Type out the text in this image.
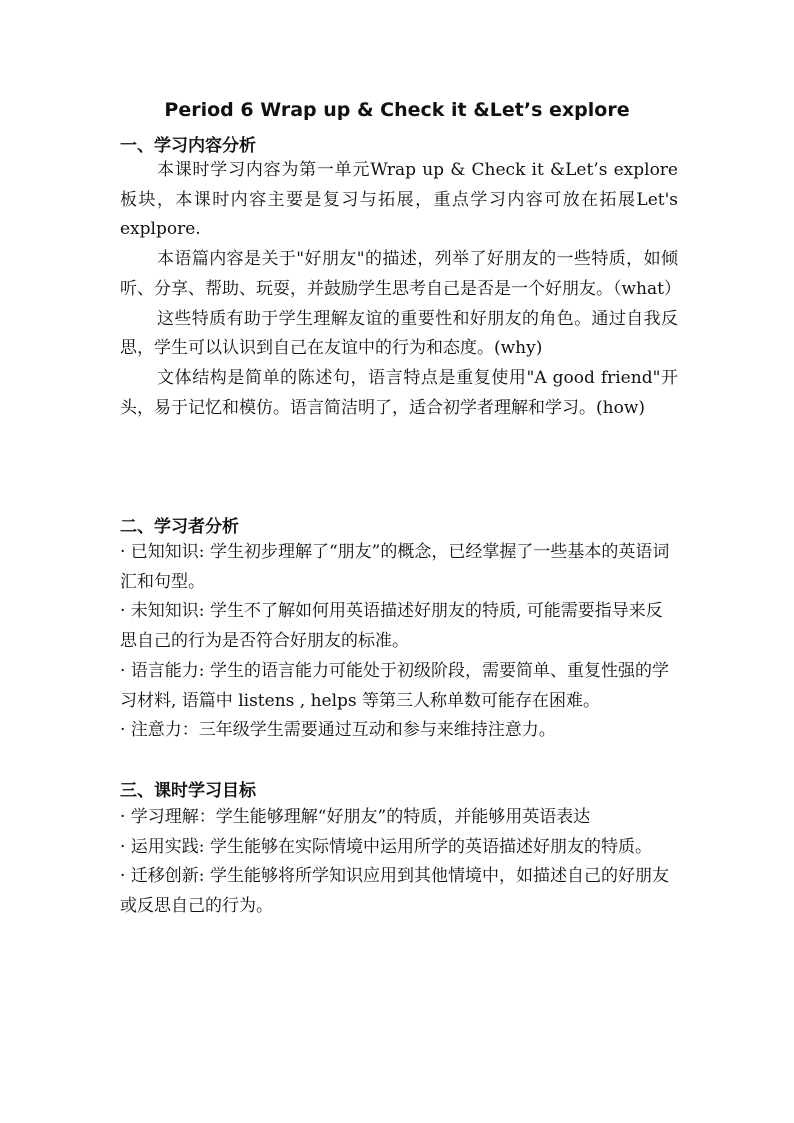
Period 6 Wrap up & Check it &Let’s explore
一、学习内容分析

本课时学习内容为第一单元Wrap up & Check it &Let’s explore板块，本课时内容主要是复习与拓展，重点学习内容可放在拓展Let's explpore.

本语篇内容是关于"好朋友"的描述，列举了好朋友的一些特质，如倾听、分享、帮助、玩耍，并鼓励学生思考自己是否是一个好朋友。（what）

这些特质有助于学生理解友谊的重要性和好朋友的角色。通过自我反思，学生可以认识到自己在友谊中的行为和态度。(why)

文体结构是简单的陈述句，语言特点是重复使用"A good friend"开头，易于记忆和模仿。语言简洁明了，适合初学者理解和学习。(how)

二、学习者分析

· 已知知识: 学生初步理解了“朋友”的概念，已经掌握了一些基本的英语词汇和句型。

· 未知知识: 学生不了解如何用英语描述好朋友的特质, 可能需要指导来反思自己的行为是否符合好朋友的标准。

· 语言能力: 学生的语言能力可能处于初级阶段，需要简单、重复性强的学习材料, 语篇中 listens , helps 等第三人称单数可能存在困难。

· 注意力：三年级学生需要通过互动和参与来维持注意力。

三、课时学习目标

· 学习理解：学生能够理解“好朋友”的特质，并能够用英语表达

· 运用实践: 学生能够在实际情境中运用所学的英语描述好朋友的特质。

· 迁移创新: 学生能够将所学知识应用到其他情境中，如描述自己的好朋友或反思自己的行为。
